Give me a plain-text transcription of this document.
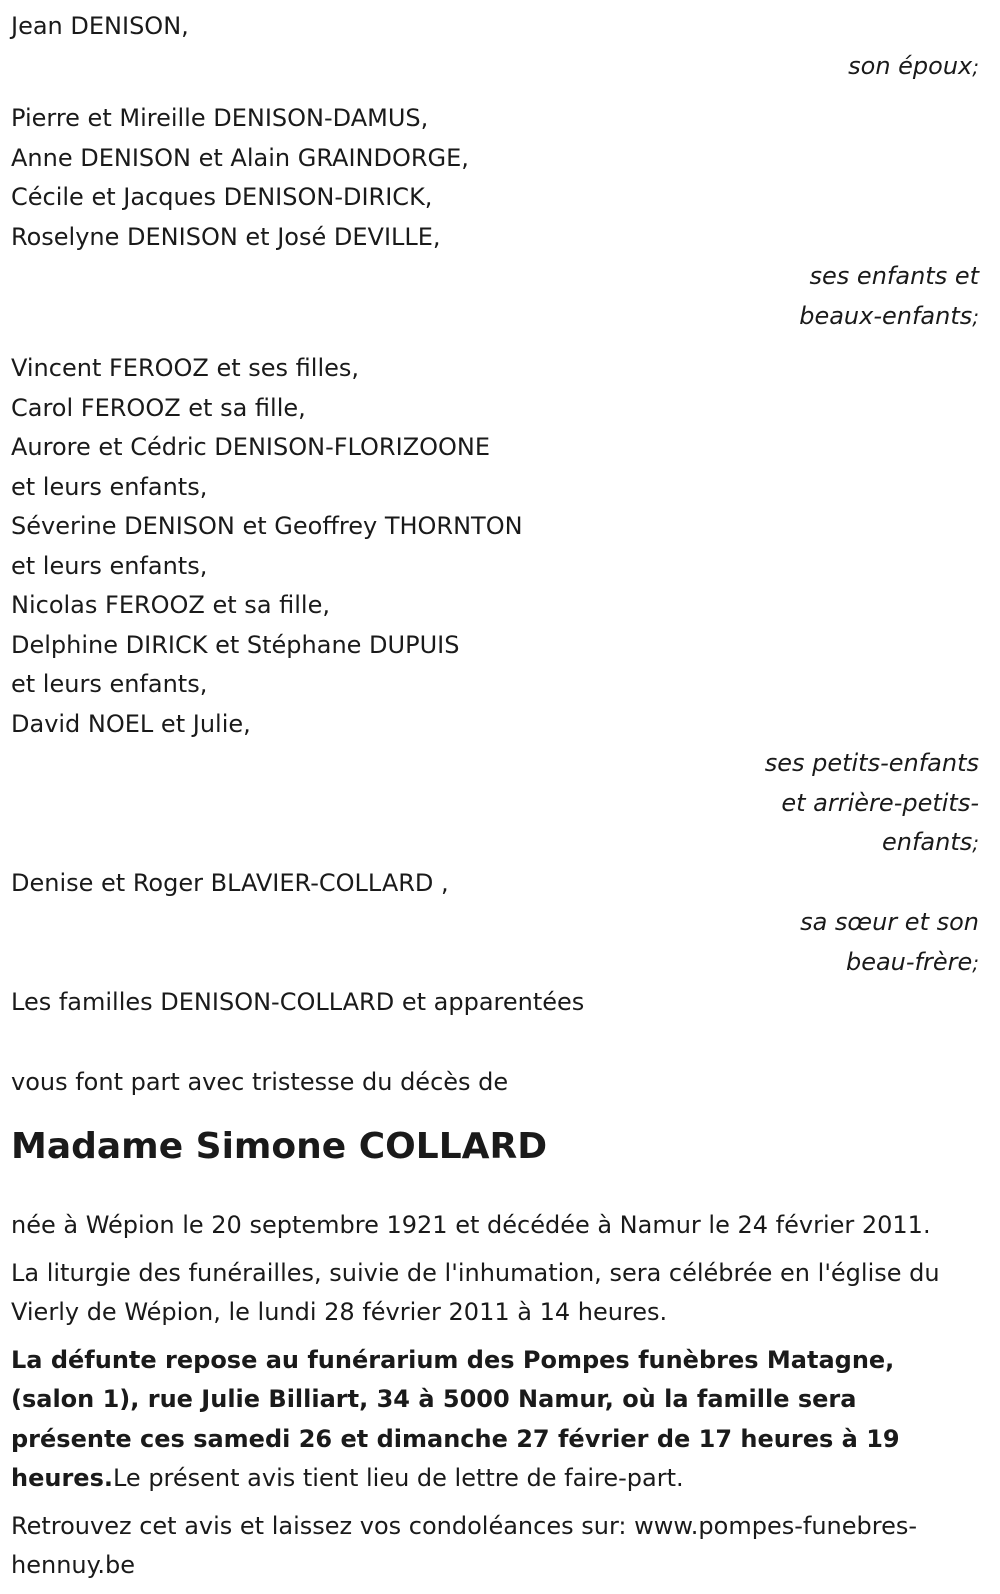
Jean DENISON,
son époux;
Pierre et Mireille DENISON-DAMUS,
Anne DENISON et Alain GRAINDORGE,
Cécile et Jacques DENISON-DIRICK,
Roselyne DENISON et José DEVILLE,
ses enfants et
beaux-enfants;
Vincent FEROOZ et ses filles,
Carol FEROOZ et sa fille,
Aurore et Cédric DENISON-FLORIZOONE
et leurs enfants,
Séverine DENISON et Geoffrey THORNTON
et leurs enfants,
Nicolas FEROOZ et sa fille,
Delphine DIRICK et Stéphane DUPUIS
et leurs enfants,
David NOEL et Julie,
ses petits-enfants
et arrière-petits-
enfants;
Denise et Roger BLAVIER-COLLARD ,
sa sœur et son
beau-frère;
Les familles DENISON-COLLARD et apparentées
vous font part avec tristesse du décès de
Madame Simone COLLARD
née à Wépion le 20 septembre 1921 et décédée à Namur le 24 février 2011.
La liturgie des funérailles, suivie de l'inhumation, sera célébrée en l'église du Vierly de Wépion, le lundi 28 février 2011 à 14 heures.
La défunte repose au funérarium des Pompes funèbres Matagne, (salon 1), rue Julie Billiart, 34 à 5000 Namur, où la famille sera présente ces samedi 26 et dimanche 27 février de 17 heures à 19 heures.Le présent avis tient lieu de lettre de faire-part.
Retrouvez cet avis et laissez vos condoléances sur: www.pompes-funebres-hennuy.be
